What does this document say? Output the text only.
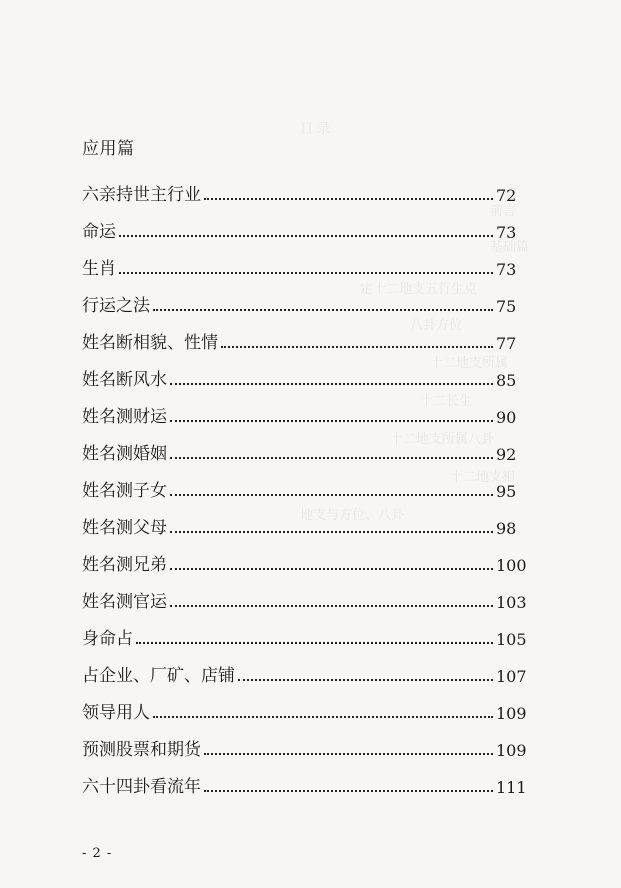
目 录
前言
基础篇
定十二地支五行生克
八卦方位
十二地支所属
十二长生
十二地支所属八卦
十二地支相
地支与方位、八卦
应用篇
六亲持世主行业	72
命运	73
生肖	73
行运之法	75
姓名断相貌、性情	77
姓名断风水	85
姓名测财运	90
姓名测婚姻	92
姓名测子女	95
姓名测父母	98
姓名测兄弟	100
姓名测官运	103
身命占	105
占企业、厂矿、店铺	107
领导用人	109
预测股票和期货	109
六十四卦看流年	111
- 2 -
